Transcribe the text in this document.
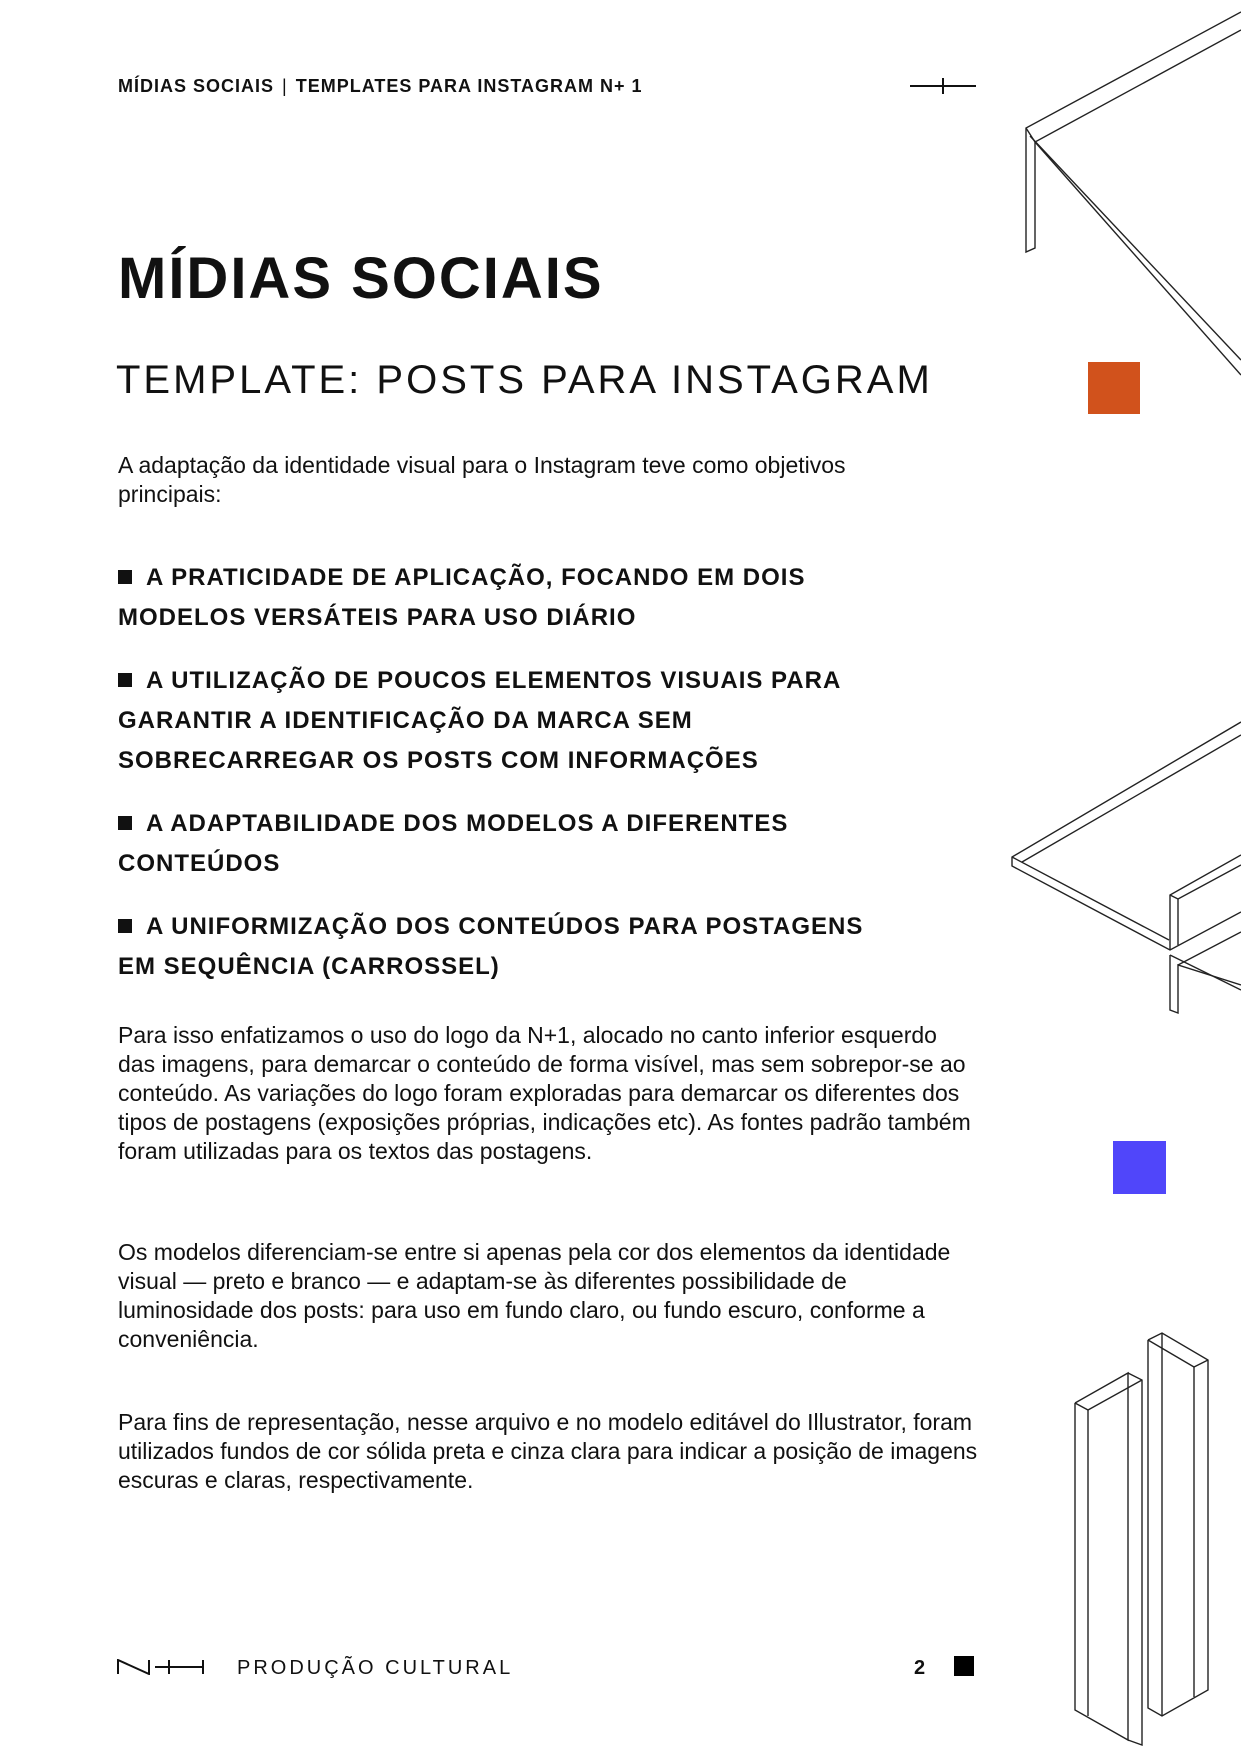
MÍDIAS SOCIAIS | TEMPLATES PARA INSTAGRAM N+ 1
MÍDIAS SOCIAIS
TEMPLATE: POSTS PARA INSTAGRAM

A adaptação da identidade visual para o Instagram teve como objetivos principais:

A PRATICIDADE DE APLICAÇÃO, FOCANDO EM DOIS MODELOS VERSÁTEIS PARA USO DIÁRIO
A UTILIZAÇÃO DE POUCOS ELEMENTOS VISUAIS PARA GARANTIR A IDENTIFICAÇÃO DA MARCA SEM SOBRECARREGAR OS POSTS COM INFORMAÇÕES
A ADAPTABILIDADE DOS MODELOS A DIFERENTES CONTEÚDOS
A UNIFORMIZAÇÃO DOS CONTEÚDOS PARA POSTAGENS EM SEQUÊNCIA (CARROSSEL)

Para isso enfatizamos o uso do logo da N+1, alocado no canto inferior esquerdo das imagens, para demarcar o conteúdo de forma visível, mas sem sobrepor-se ao conteúdo. As variações do logo foram exploradas para demarcar os diferentes dos tipos de postagens (exposições próprias, indicações etc). As fontes padrão também foram utilizadas para os textos das postagens.

Os modelos diferenciam-se entre si apenas pela cor dos elementos da identidade visual — preto e branco — e adaptam-se às diferentes possibilidade de luminosidade dos posts: para uso em fundo claro, ou fundo escuro, conforme a conveniência.

Para fins de representação, nesse arquivo e no modelo editável do Illustrator, foram utilizados fundos de cor sólida preta e cinza clara para indicar a posição de imagens escuras e claras, respectivamente.

PRODUÇÃO CULTURAL	2
